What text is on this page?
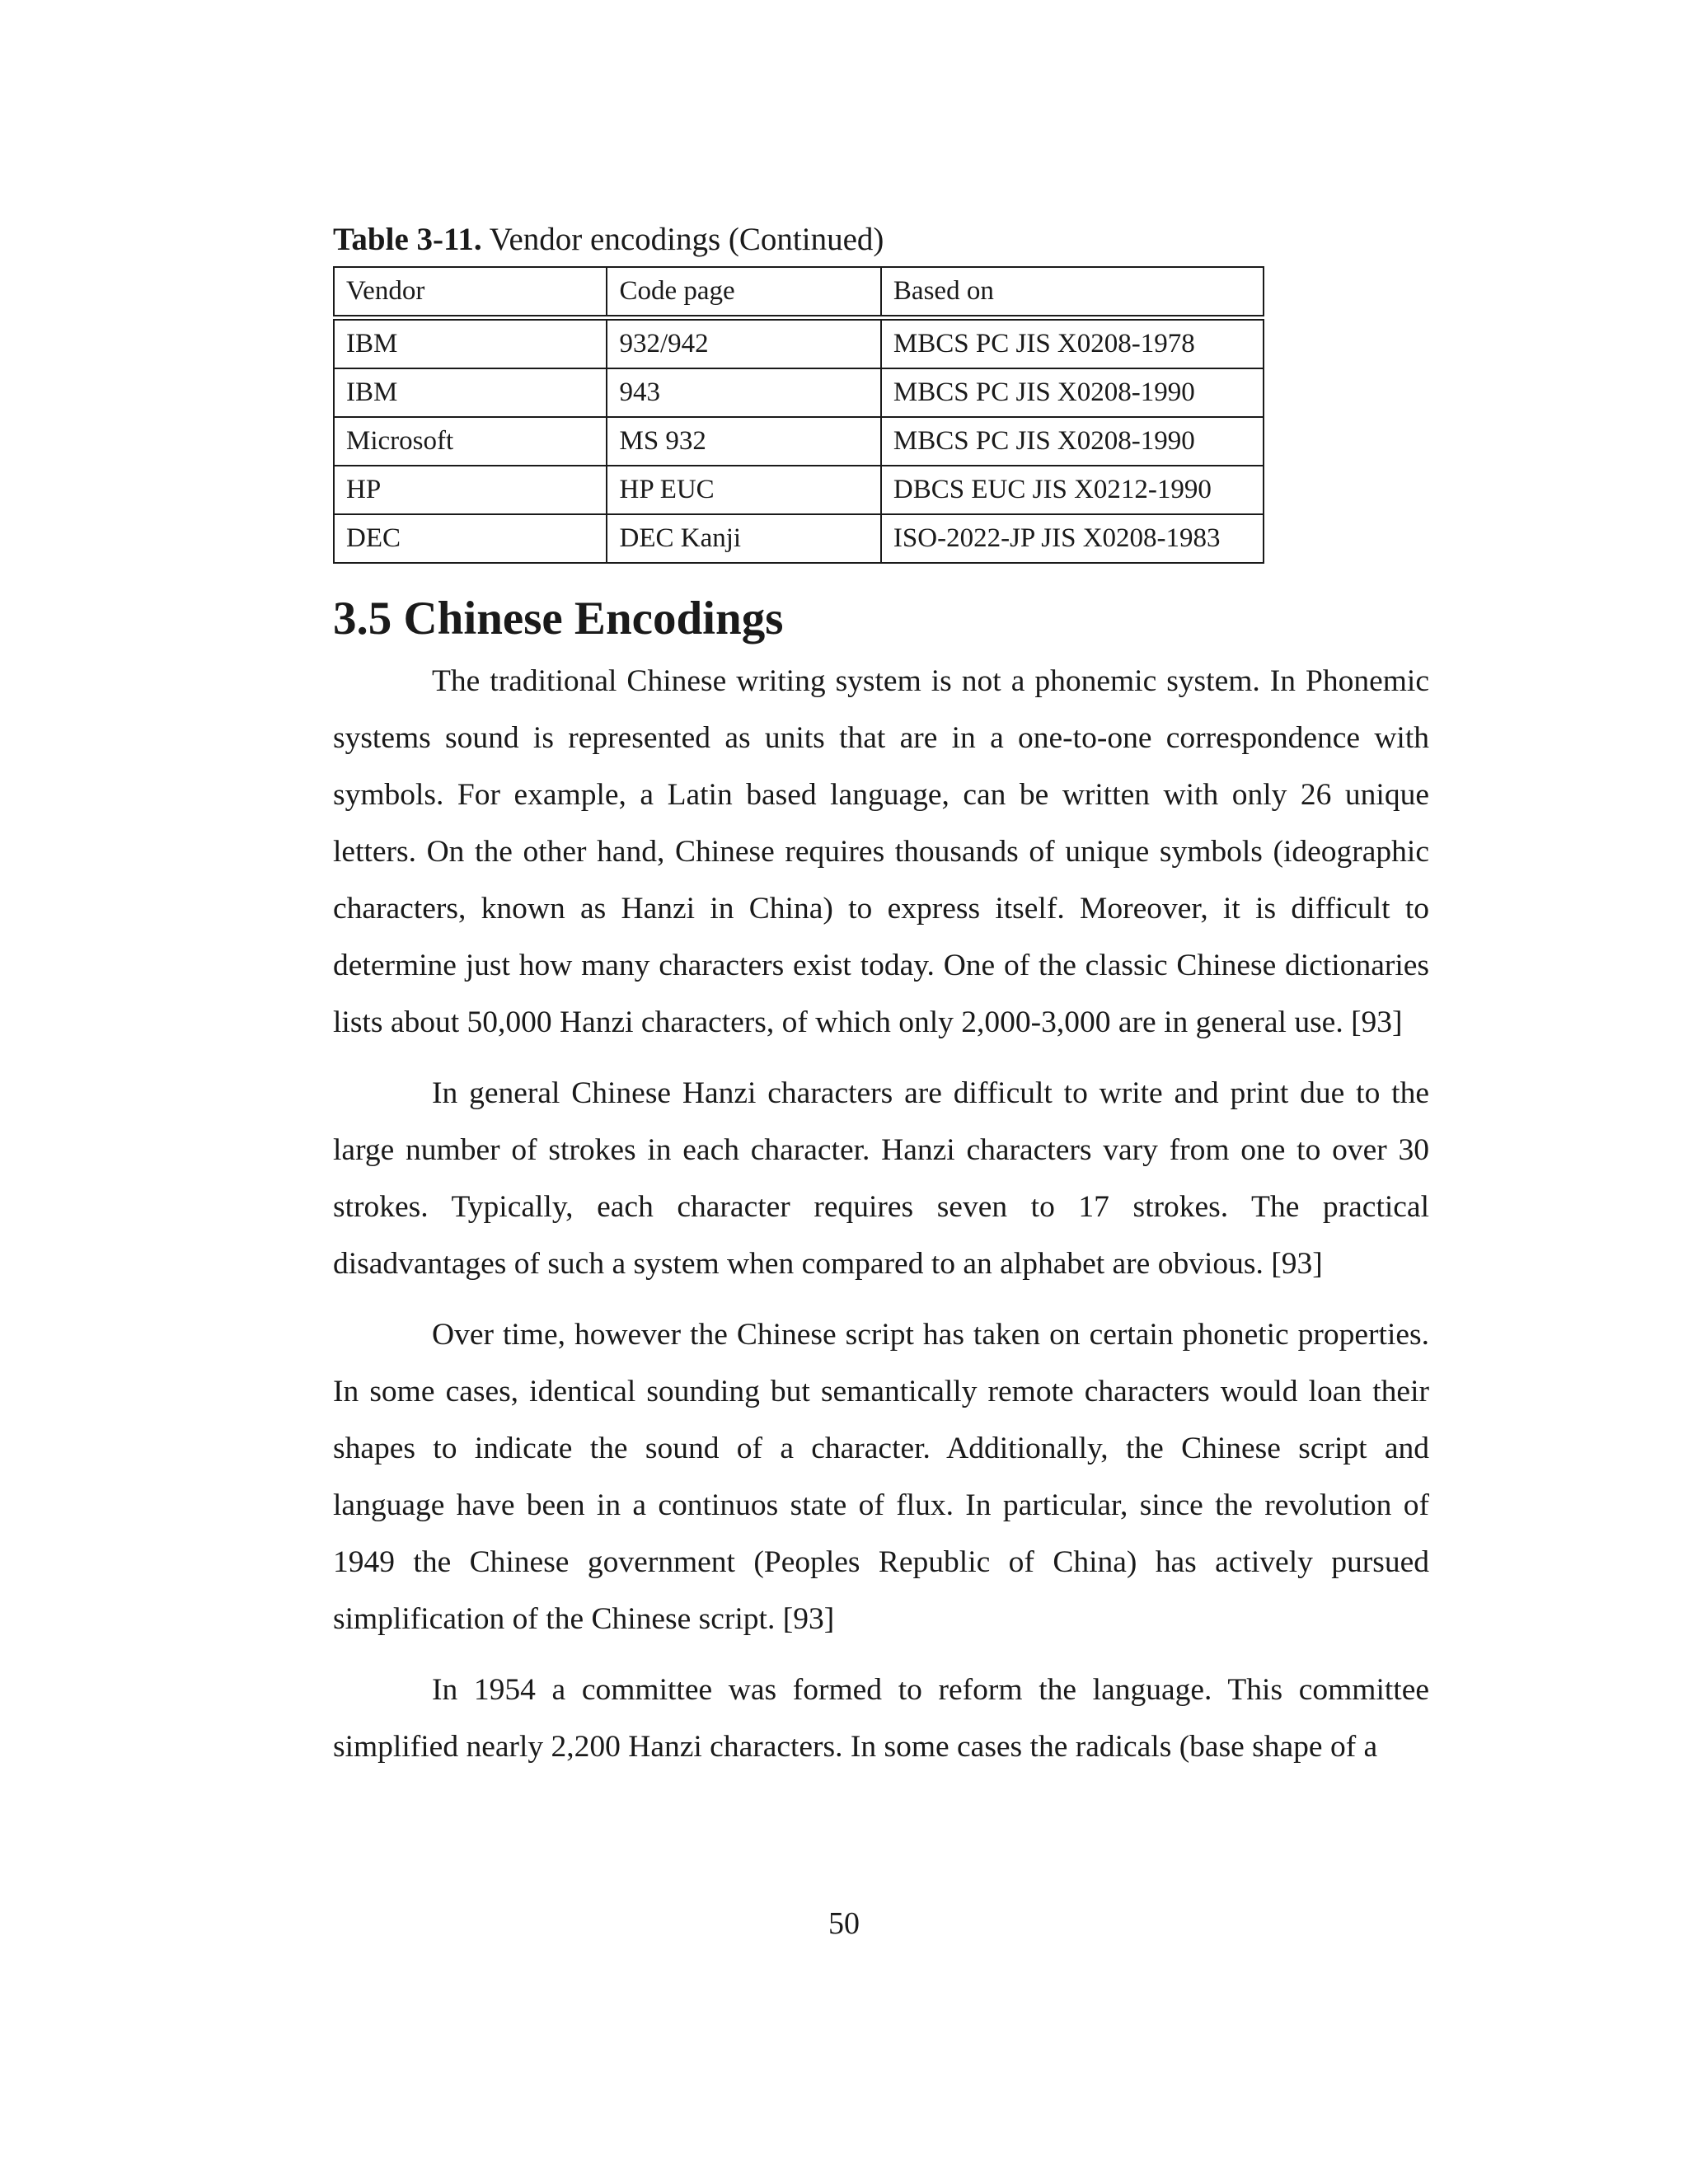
Table 3-11. Vendor encodings (Continued)
Vendor	Code page	Based on
IBM	932/942	MBCS PC JIS X0208-1978
IBM	943	MBCS PC JIS X0208-1990
Microsoft	MS 932	MBCS PC JIS X0208-1990
HP	HP EUC	DBCS EUC JIS X0212-1990
DEC	DEC Kanji	ISO-2022-JP JIS X0208-1983
3.5 Chinese Encodings

The traditional Chinese writing system is not a phonemic system. In Phonemic systems sound is represented as units that are in a one-to-one correspondence with symbols. For example, a Latin based language, can be written with only 26 unique letters. On the other hand, Chinese requires thousands of unique symbols (ideographic characters, known as Hanzi in China) to express itself. Moreover, it is difficult to determine just how many characters exist today. One of the classic Chinese dictionaries lists about 50,000 Hanzi characters, of which only 2,000-3,000 are in general use. [93]

In general Chinese Hanzi characters are difficult to write and print due to the large number of strokes in each character. Hanzi characters vary from one to over 30 strokes. Typically, each character requires seven to 17 strokes. The practical disadvantages of such a system when compared to an alphabet are obvious. [93]

Over time, however the Chinese script has taken on certain phonetic properties. In some cases, identical sounding but semantically remote characters would loan their shapes to indicate the sound of a character. Additionally, the Chinese script and language have been in a continuos state of flux. In particular, since the revolution of 1949 the Chinese government (Peoples Republic of China) has actively pursued simplification of the Chinese script. [93]

In 1954 a committee was formed to reform the language. This committee simplified nearly 2,200 Hanzi characters. In some cases the radicals (base shape of a

50
